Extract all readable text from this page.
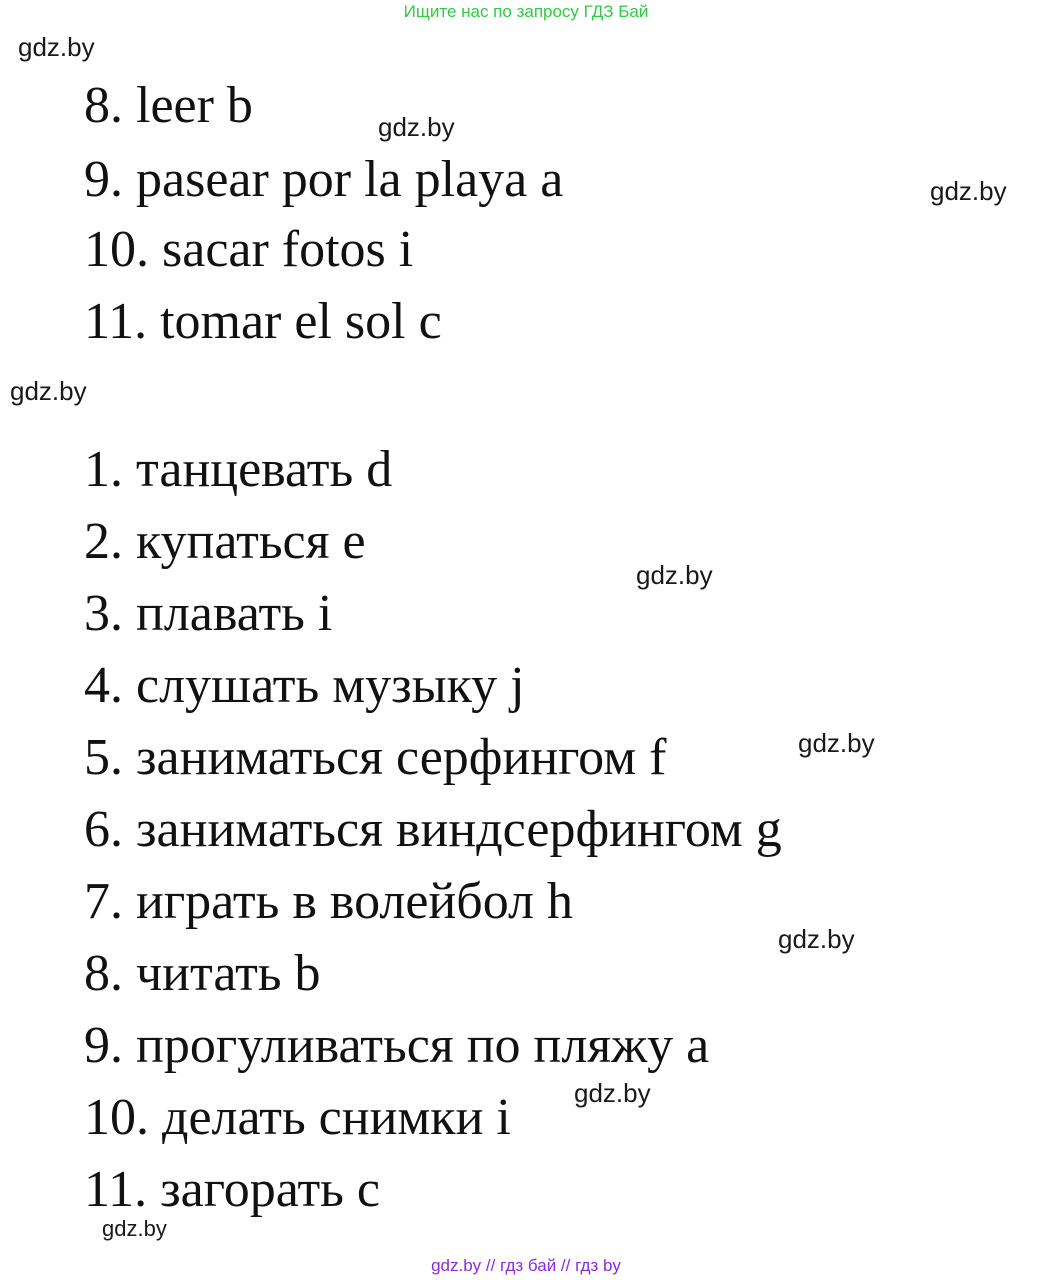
Ищите нас по запросу ГДЗ Бай
gdz.by
gdz.by
gdz.by
gdz.by
gdz.by
gdz.by
gdz.by
gdz.by
gdz.by
8. leer b
9. pasear por la playa a
10. sacar fotos i
11. tomar el sol c
1. танцевать d
2. купаться e
3. плавать i
4. слушать музыку j
5. заниматься серфингом f
6. заниматься виндсерфингом g
7. играть в волейбол h
8. читать b
9. прогуливаться по пляжу a
10. делать снимки i
11. загорать c
gdz.by // гдз бай // гдз by
